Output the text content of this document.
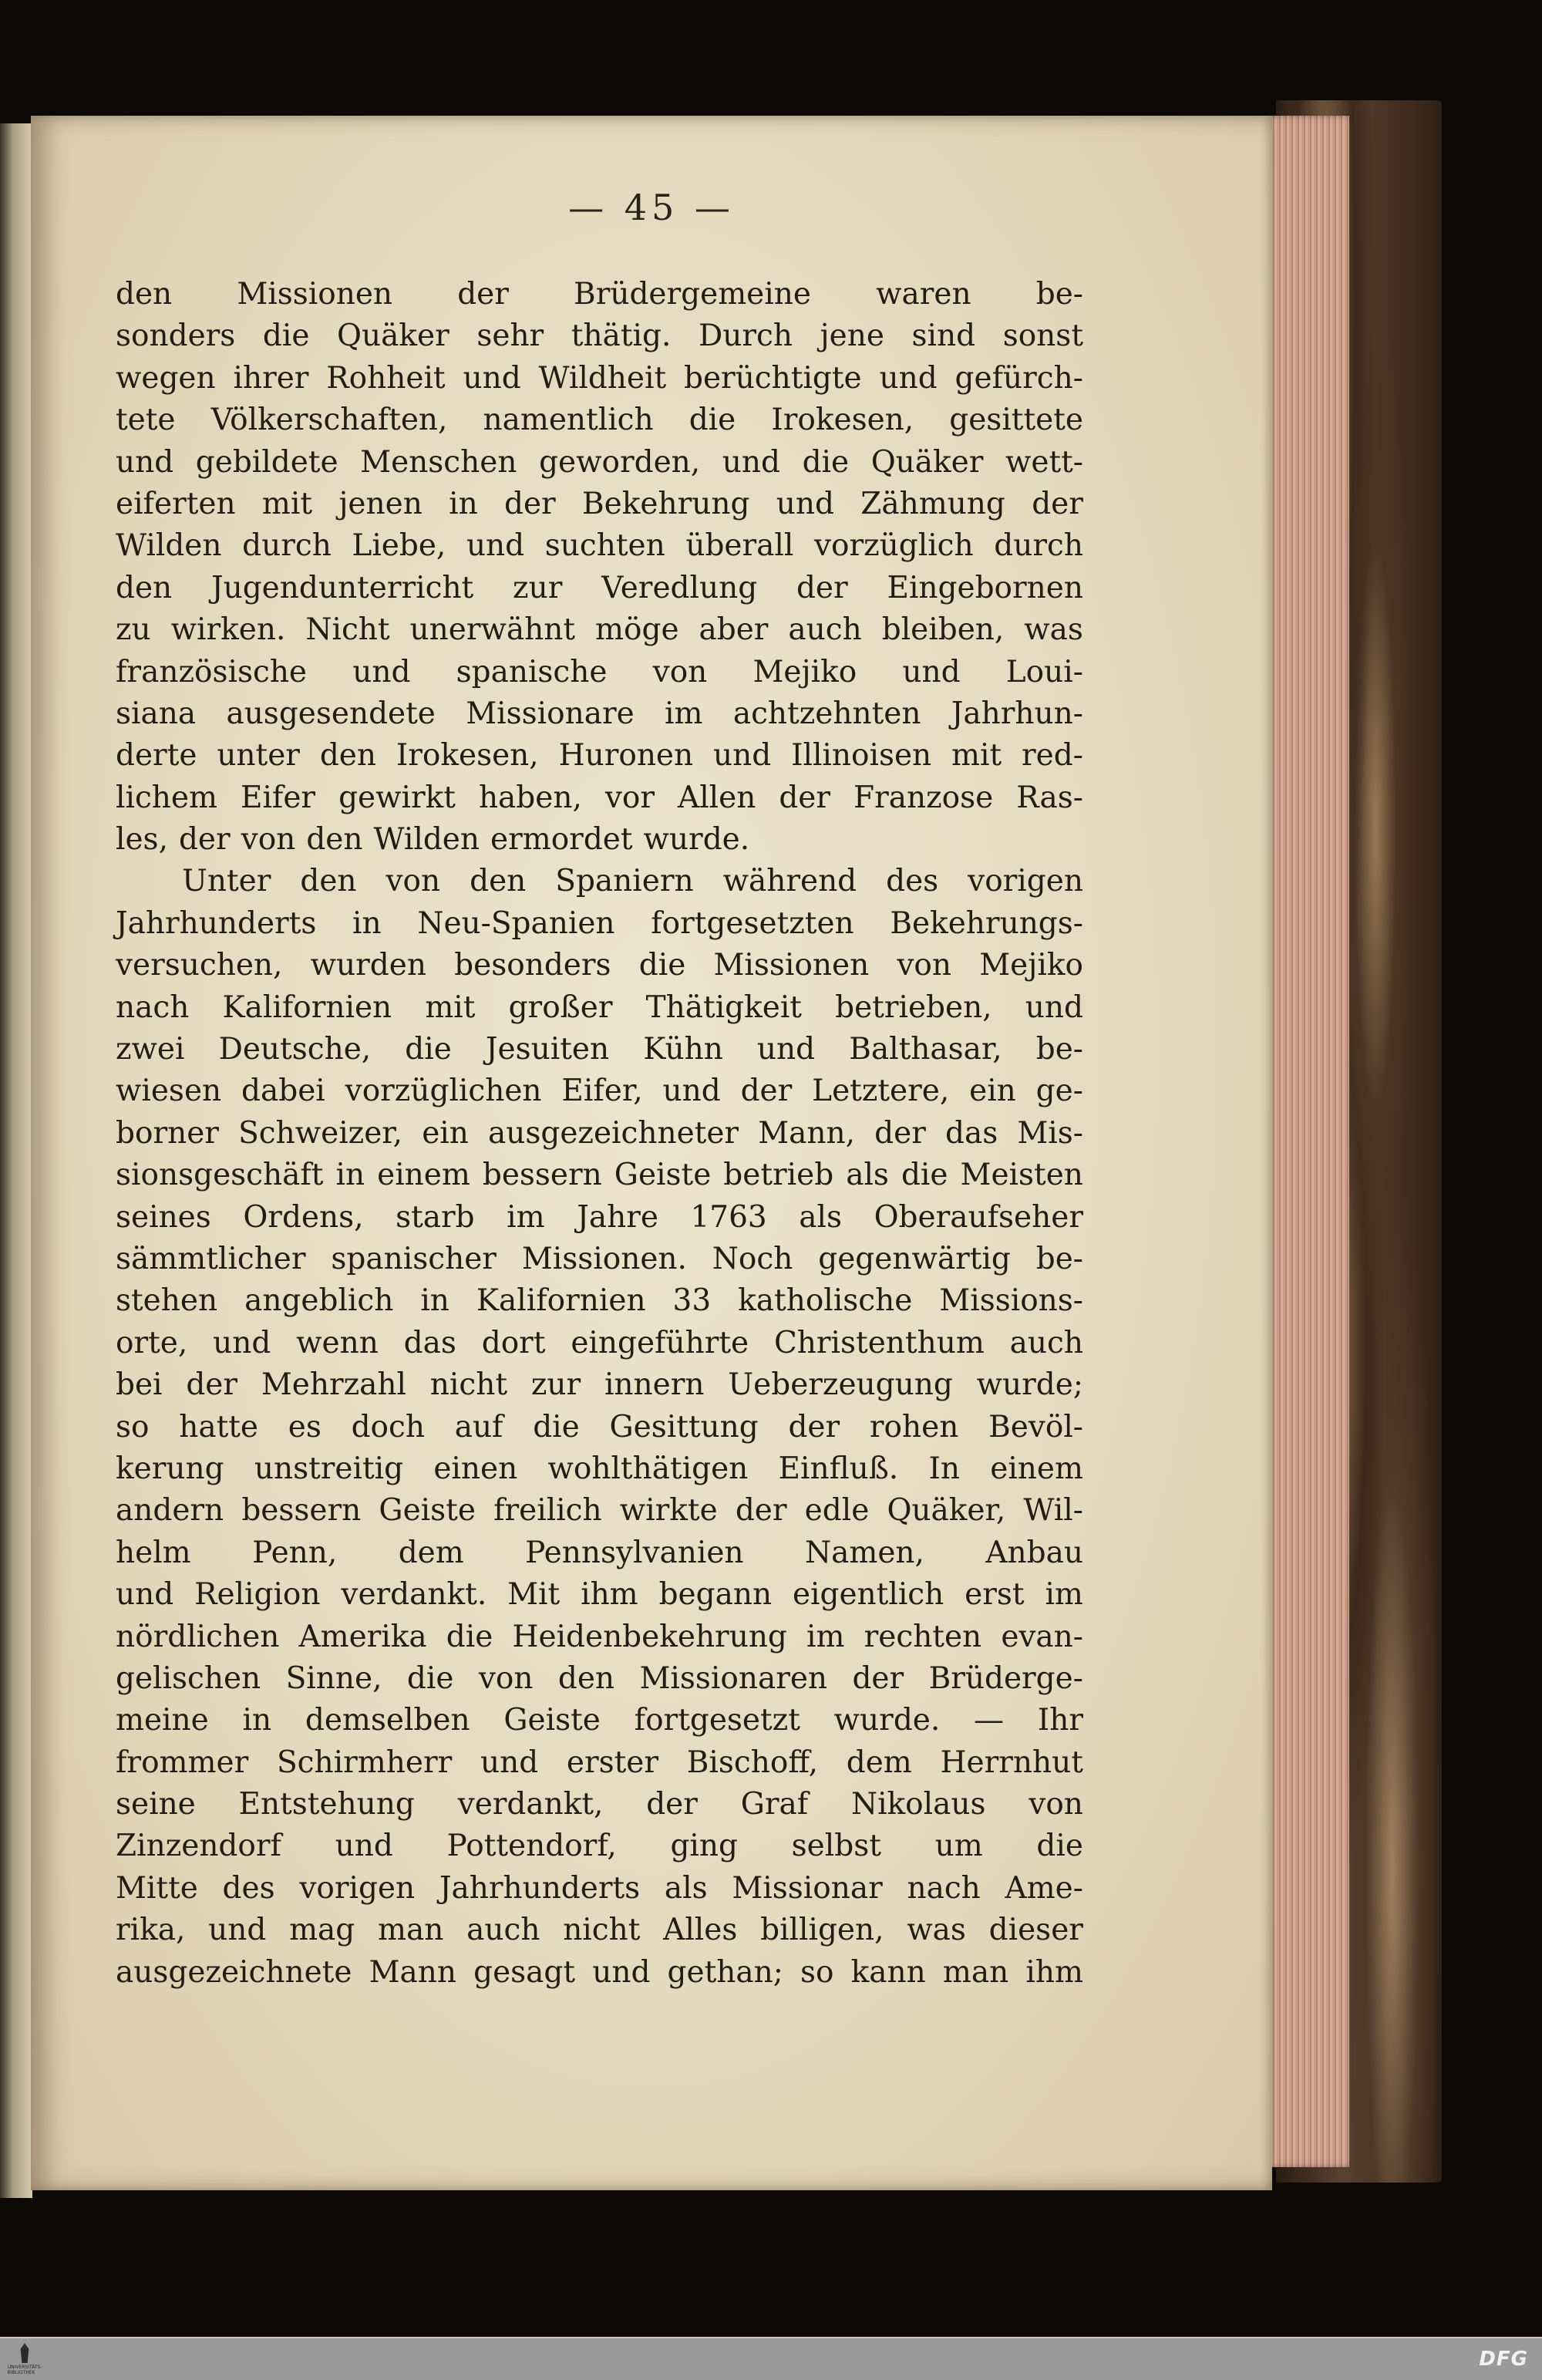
— 45 —
den Missionen der Brüdergemeine waren be-
sonders die Quäker sehr thätig. Durch jene sind sonst
wegen ihrer Rohheit und Wildheit berüchtigte und gefürch-
tete Völkerschaften, namentlich die Irokesen, gesittete
und gebildete Menschen geworden, und die Quäker wett-
eiferten mit jenen in der Bekehrung und Zähmung der
Wilden durch Liebe, und suchten überall vorzüglich durch
den Jugendunterricht zur Veredlung der Eingebornen
zu wirken. Nicht unerwähnt möge aber auch bleiben, was
französische und spanische von Mejiko und Loui-
siana ausgesendete Missionare im achtzehnten Jahrhun-
derte unter den Irokesen, Huronen und Illinoisen mit red-
lichem Eifer gewirkt haben, vor Allen der Franzose Ras-
les, der von den Wilden ermordet wurde.
Unter den von den Spaniern während des vorigen
Jahrhunderts in Neu-Spanien fortgesetzten Bekehrungs-
versuchen, wurden besonders die Missionen von Mejiko
nach Kalifornien mit großer Thätigkeit betrieben, und
zwei Deutsche, die Jesuiten Kühn und Balthasar, be-
wiesen dabei vorzüglichen Eifer, und der Letztere, ein ge-
borner Schweizer, ein ausgezeichneter Mann, der das Mis-
sionsgeschäft in einem bessern Geiste betrieb als die Meisten
seines Ordens, starb im Jahre 1763 als Oberaufseher
sämmtlicher spanischer Missionen. Noch gegenwärtig be-
stehen angeblich in Kalifornien 33 katholische Missions-
orte, und wenn das dort eingeführte Christenthum auch
bei der Mehrzahl nicht zur innern Ueberzeugung wurde;
so hatte es doch auf die Gesittung der rohen Bevöl-
kerung unstreitig einen wohlthätigen Einfluß. In einem
andern bessern Geiste freilich wirkte der edle Quäker, Wil-
helm Penn, dem Pennsylvanien Namen, Anbau
und Religion verdankt. Mit ihm begann eigentlich erst im
nördlichen Amerika die Heidenbekehrung im rechten evan-
gelischen Sinne, die von den Missionaren der Brüderge-
meine in demselben Geiste fortgesetzt wurde. — Ihr
frommer Schirmherr und erster Bischoff, dem Herrnhut
seine Entstehung verdankt, der Graf Nikolaus von
Zinzendorf und Pottendorf, ging selbst um die
Mitte des vorigen Jahrhunderts als Missionar nach Ame-
rika, und mag man auch nicht Alles billigen, was dieser
ausgezeichnete Mann gesagt und gethan; so kann man ihm
UNIVERSITÄTS-BIBLIOTHEK
DFG
